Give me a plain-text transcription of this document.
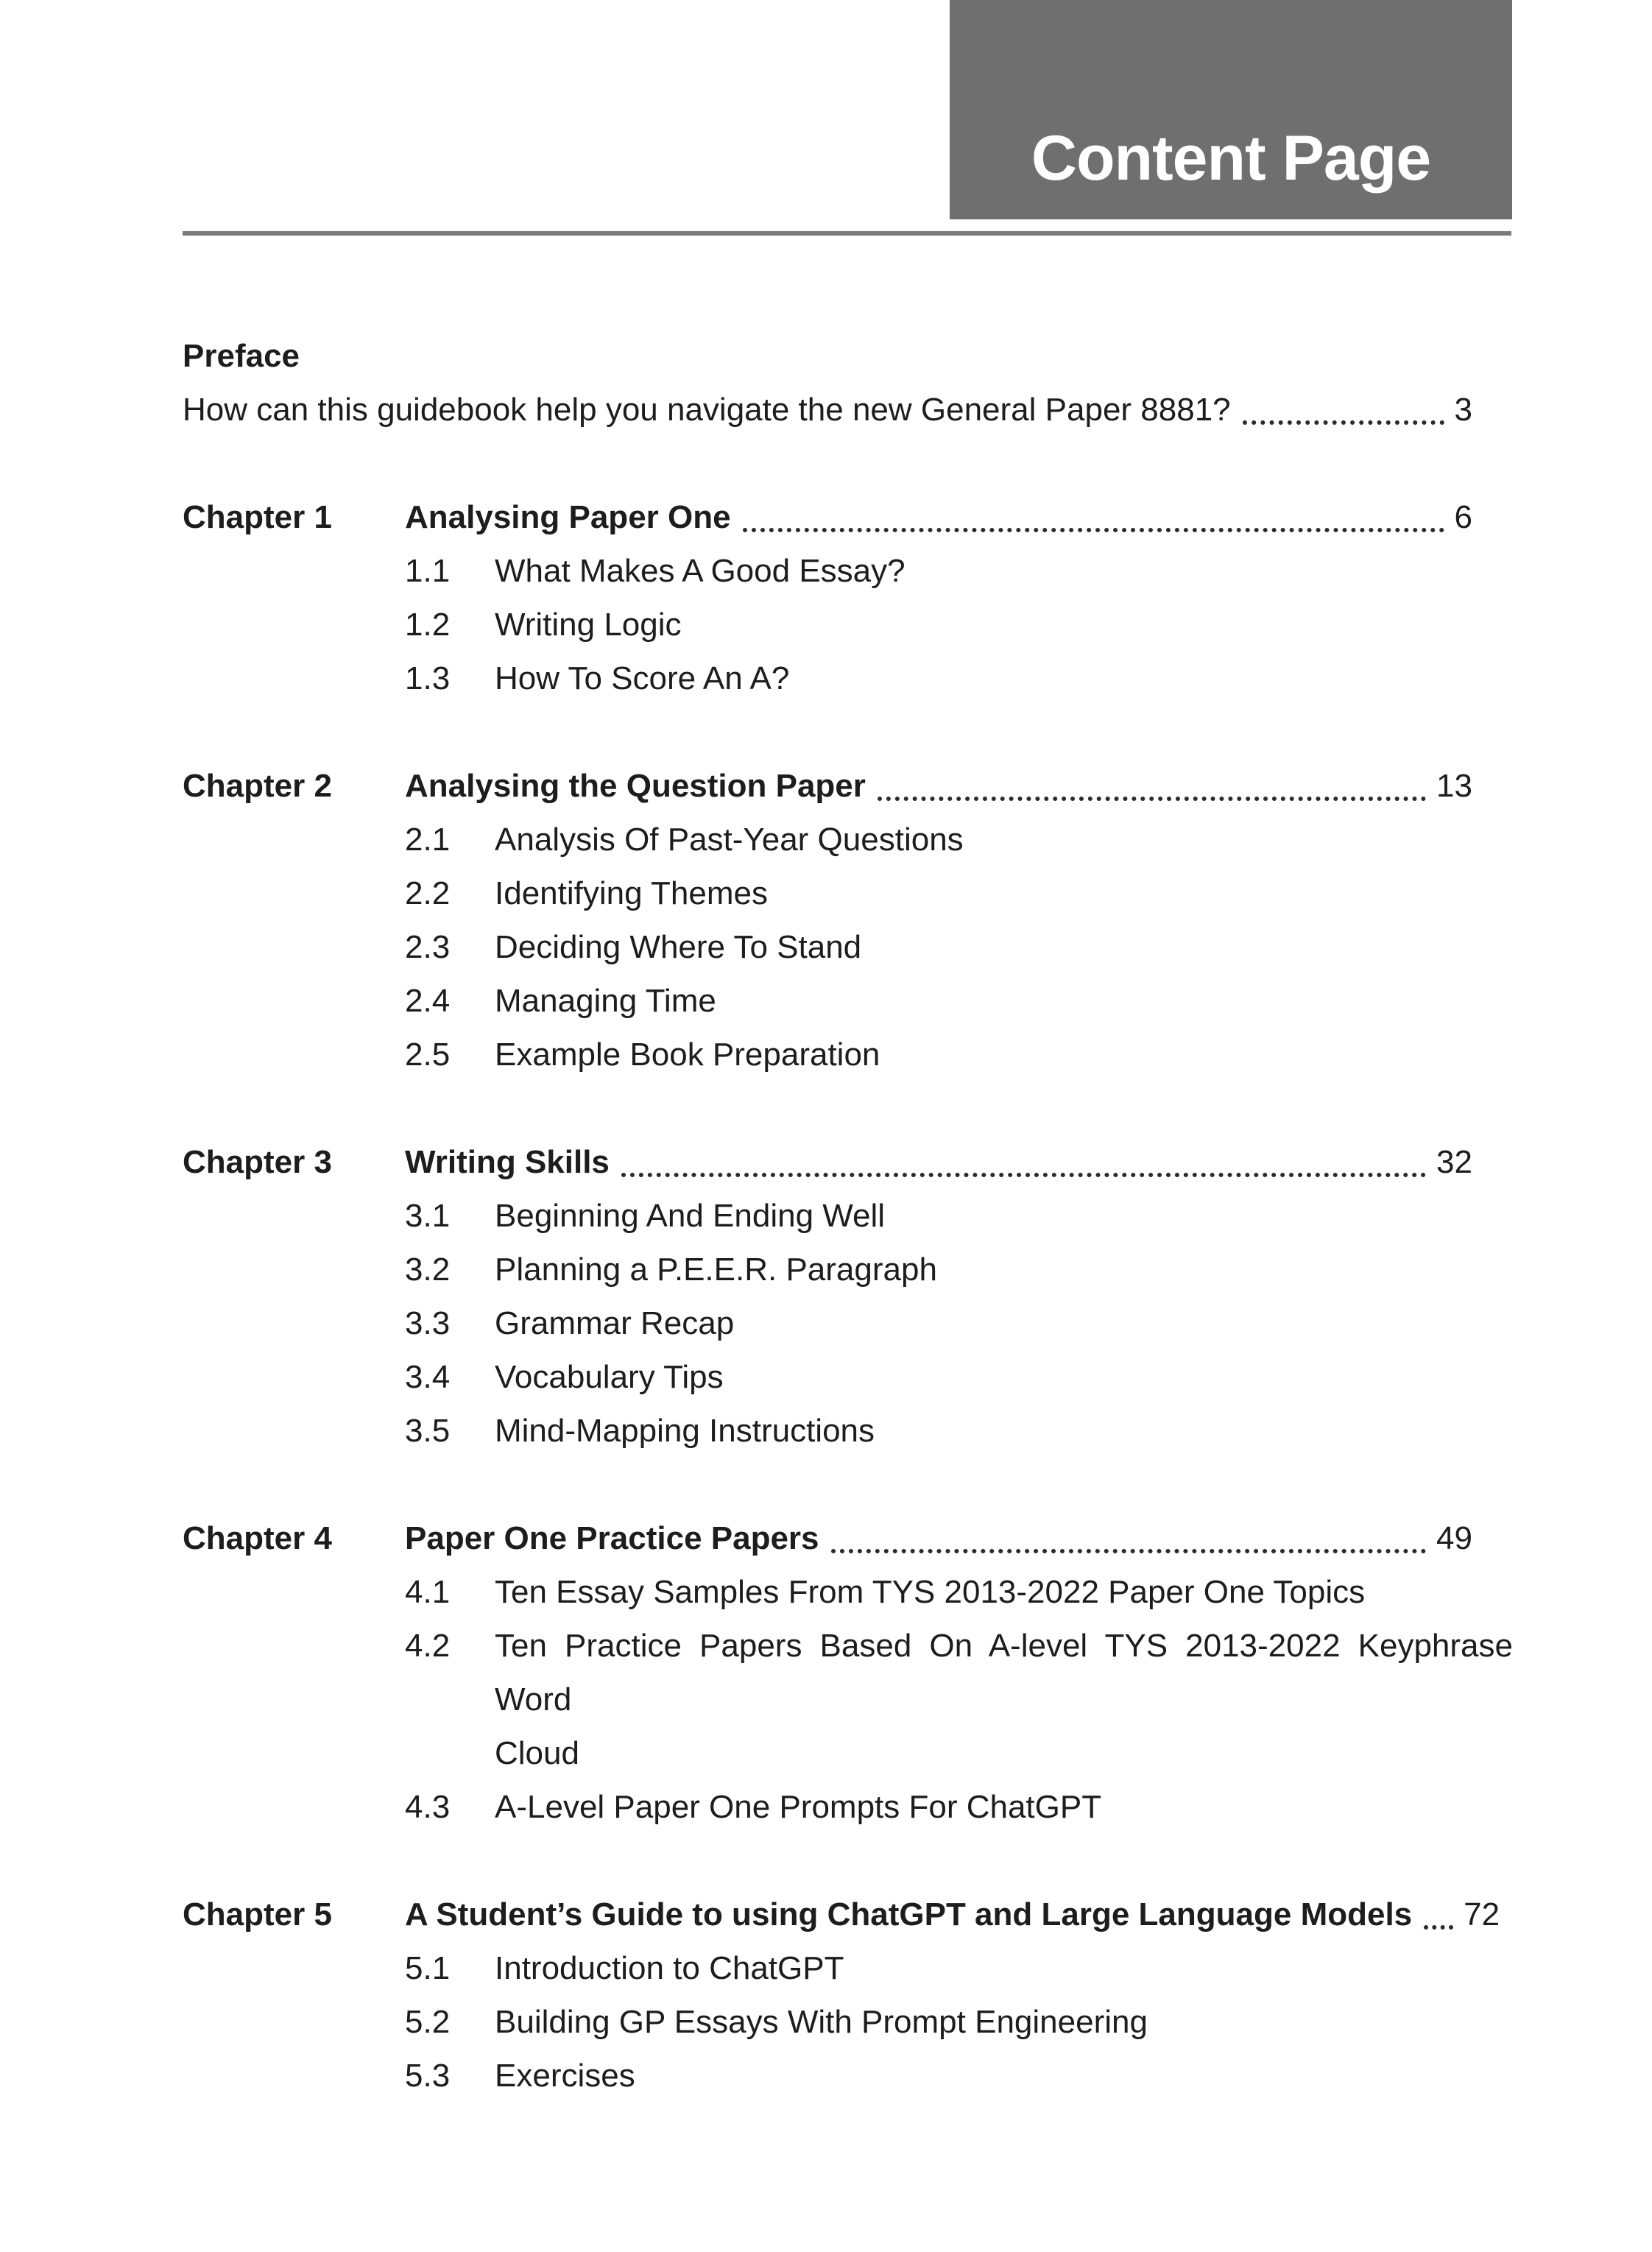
Content Page
Preface
How can this guidebook help you navigate the new General Paper 8881?	3
Chapter 1	Analysing Paper One	6
1.1	What Makes A Good Essay?
1.2	Writing Logic
1.3	How To Score An A?
Chapter 2	Analysing the Question Paper	13
2.1	Analysis Of Past-Year Questions
2.2	Identifying Themes
2.3	Deciding Where To Stand
2.4	Managing Time
2.5	Example Book Preparation
Chapter 3	Writing Skills	32
3.1	Beginning And Ending Well
3.2	Planning a P.E.E.R. Paragraph
3.3	Grammar Recap
3.4	Vocabulary Tips
3.5	Mind-Mapping Instructions
Chapter 4	Paper One Practice Papers	49
4.1	Ten Essay Samples From TYS 2013-2022 Paper One Topics
4.2	Ten Practice Papers Based On A-level TYS 2013-2022 Keyphrase Word
Cloud
4.3	A-Level Paper One Prompts For ChatGPT
Chapter 5	A Student’s Guide to using ChatGPT and Large Language Models 72
5.1	Introduction to ChatGPT
5.2	Building GP Essays With Prompt Engineering
5.3	Exercises
